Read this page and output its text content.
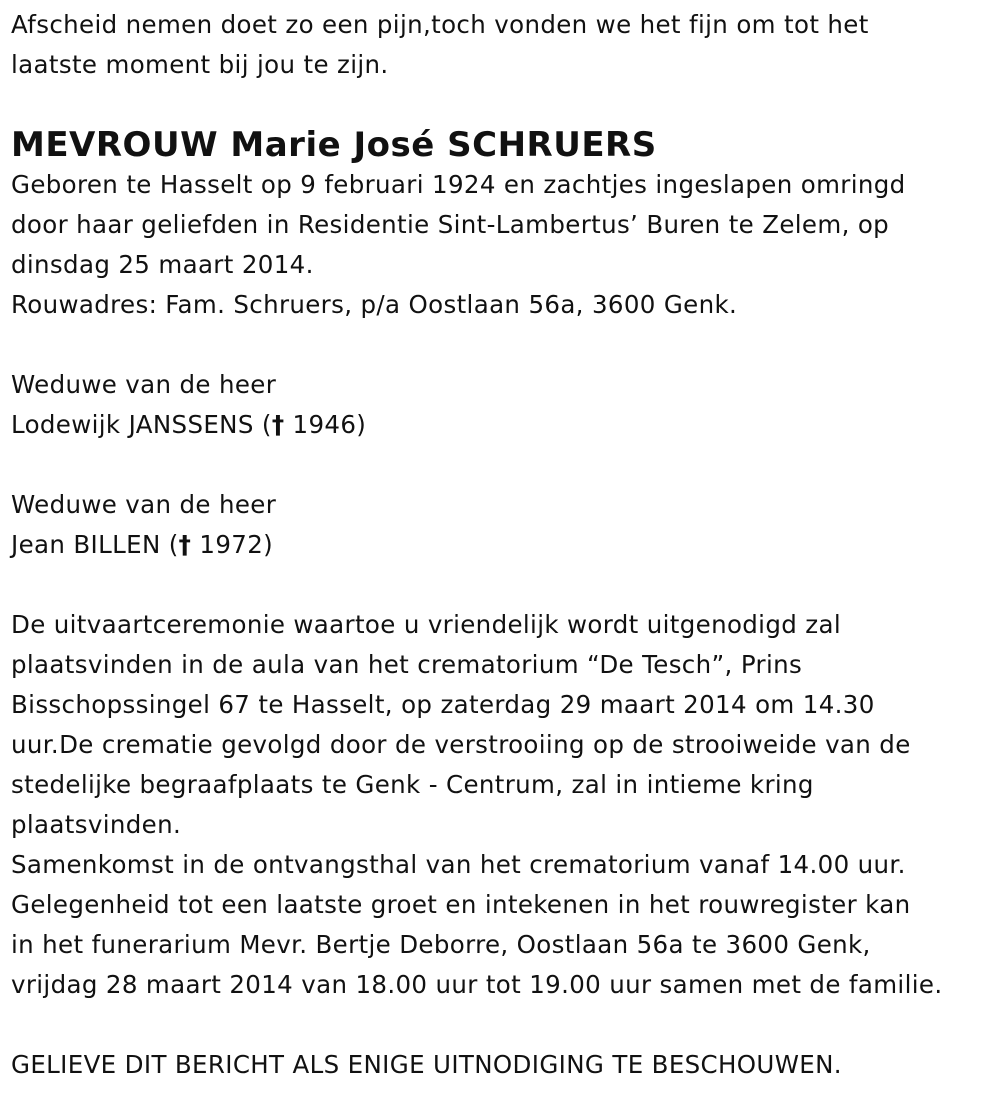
Afscheid nemen doet zo een pijn,toch vonden we het fijn om tot het
laatste moment bij jou te zijn.
MEVROUW Marie José SCHRUERS
Geboren te Hasselt op 9 februari 1924 en zachtjes ingeslapen omringd
door haar geliefden in Residentie Sint-Lambertus’ Buren te Zelem, op
dinsdag 25 maart 2014.
Rouwadres: Fam. Schruers, p/a Oostlaan 56a, 3600 Genk.
Weduwe van de heer
Lodewijk JANSSENS († 1946)
Weduwe van de heer
Jean BILLEN († 1972)
De uitvaartceremonie waartoe u vriendelijk wordt uitgenodigd zal
plaatsvinden in de aula van het crematorium “De Tesch”, Prins
Bisschopssingel 67 te Hasselt, op zaterdag 29 maart 2014 om 14.30
uur.De crematie gevolgd door de verstrooiing op de strooiweide van de
stedelijke begraafplaats te Genk - Centrum, zal in intieme kring
plaatsvinden.
Samenkomst in de ontvangsthal van het crematorium vanaf 14.00 uur.
Gelegenheid tot een laatste groet en intekenen in het rouwregister kan
in het funerarium Mevr. Bertje Deborre, Oostlaan 56a te 3600 Genk,
vrijdag 28 maart 2014 van 18.00 uur tot 19.00 uur samen met de familie.
GELIEVE DIT BERICHT ALS ENIGE UITNODIGING TE BESCHOUWEN.
